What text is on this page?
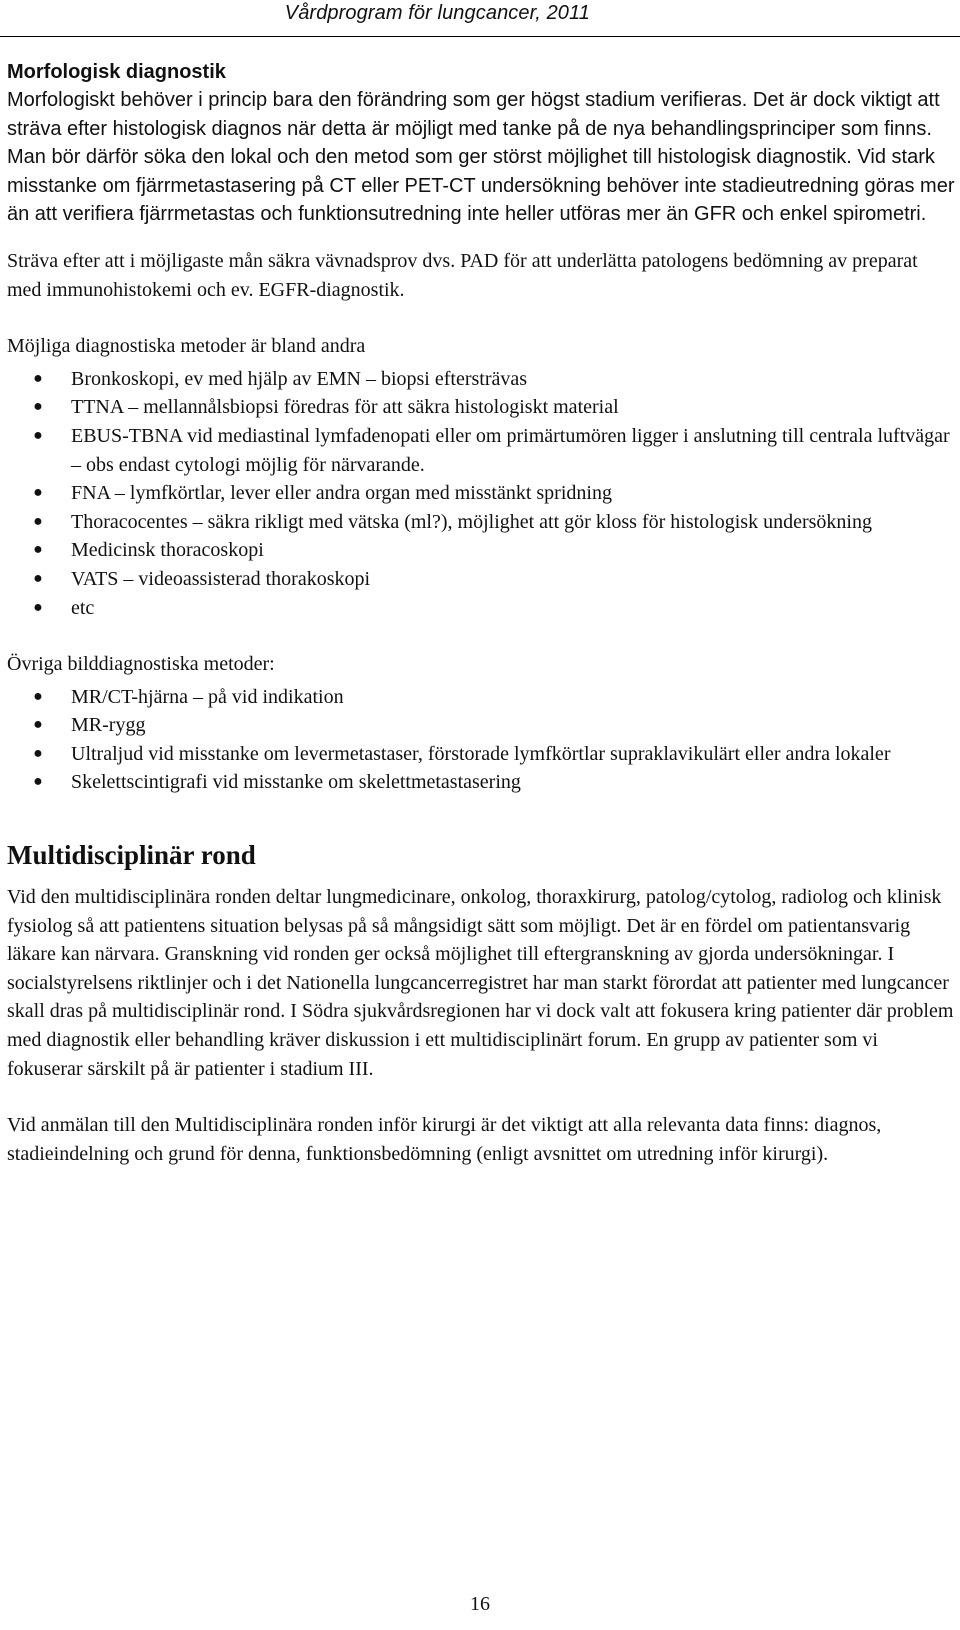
Vårdprogram för lungcancer, 2011
Morfologisk diagnostik

Morfologiskt behöver i princip bara den förändring som ger högst stadium verifieras. Det är dock viktigt att sträva efter histologisk diagnos när detta är möjligt med tanke på de nya behandlingsprinciper som finns. Man bör därför söka den lokal och den metod som ger störst möjlighet till histologisk diagnostik. Vid stark misstanke om fjärrmetastasering på CT eller PET-CT undersökning behöver inte stadieutredning göras mer än att verifiera fjärrmetastas och funktionsutredning inte heller utföras mer än GFR och enkel spirometri.

Sträva efter att i möjligaste mån säkra vävnadsprov dvs. PAD för att underlätta patologens bedömning av preparat med immunohistokemi och ev. EGFR-diagnostik.

Möjliga diagnostiska metoder är bland andra

● Bronkoskopi, ev med hjälp av EMN – biopsi eftersträvas
● TTNA – mellannålsbiopsi föredras för att säkra histologiskt material
● EBUS-TBNA vid mediastinal lymfadenopati eller om primärtumören ligger i anslutning till centrala luftvägar – obs endast cytologi möjlig för närvarande.
● FNA – lymfkörtlar, lever eller andra organ med misstänkt spridning
● Thoracocentes – säkra rikligt med vätska (ml?), möjlighet att gör kloss för histologisk undersökning
● Medicinsk thoracoskopi
● VATS – videoassisterad thorakoskopi
● etc

Övriga bilddiagnostiska metoder:

● MR/CT-hjärna – på vid indikation
● MR-rygg
● Ultraljud vid misstanke om levermetastaser, förstorade lymfkörtlar supraklavikulärt eller andra lokaler
● Skelettscintigrafi vid misstanke om skelettmetastasering
Multidisciplinär rond

Vid den multidisciplinära ronden deltar lungmedicinare, onkolog, thoraxkirurg, patolog/cytolog, radiolog och klinisk fysiolog så att patientens situation belysas på så mångsidigt sätt som möjligt. Det är en fördel om patientansvarig läkare kan närvara. Granskning vid ronden ger också möjlighet till eftergranskning av gjorda undersökningar. I socialstyrelsens riktlinjer och i det Nationella lungcancerregistret har man starkt förordat att patienter med lungcancer skall dras på multidisciplinär rond. I Södra sjukvårdsregionen har vi dock valt att fokusera kring patienter där problem med diagnostik eller behandling kräver diskussion i ett multidisciplinärt forum. En grupp av patienter som vi fokuserar särskilt på är patienter i stadium III.

Vid anmälan till den Multidisciplinära ronden inför kirurgi är det viktigt att alla relevanta data finns: diagnos, stadieindelning och grund för denna, funktionsbedömning (enligt avsnittet om utredning inför kirurgi).

16
